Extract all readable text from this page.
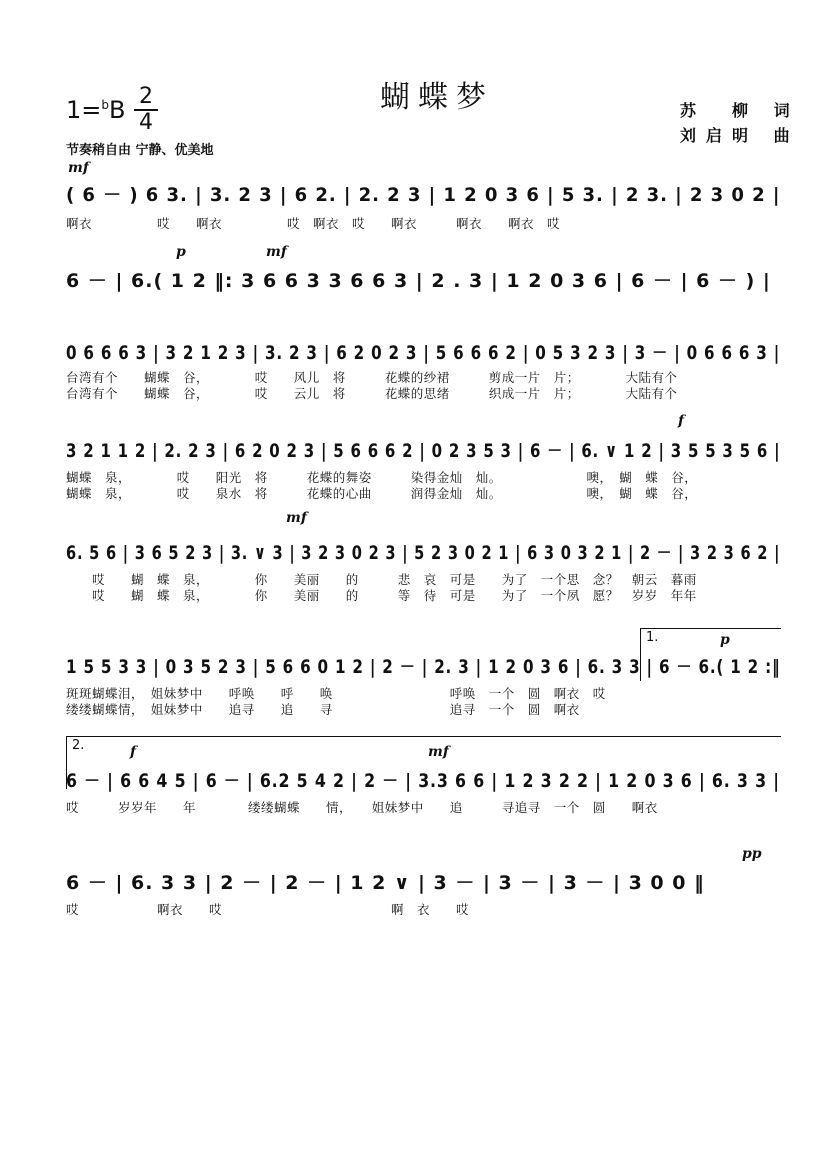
蝴蝶梦	苏　柳 词
刘启明 曲
1=$^b$B 2
4
节奏稍自由 宁静、优美地
mf
p	mf
f
mf
p
f	mf
pp
1.
2.
( 6 － ) 6 3. | 3. 2 3 | 6 2. | 2. 2 3 | 1 2 0 3 6 | 5 3. | 2 3. | 2 3 0 2 |
啊衣　　　　　哎　　啊衣　　　　　哎　啊衣　哎　　啊衣　　　啊衣　　啊衣　哎
6 － | 6.( 1 2 ‖: 3 6 6 3 3 6 6 3 | 2 . 3 | 1 2 0 3 6 | 6 － | 6 － ) |
0 6 6 6 3 | 3 2 1 2 3 | 3. 2 3 | 6 2 0 2 3 | 5 6 6 6 2 | 0 5 3 2 3 | 3 － | 0 6 6 6 3 |
台湾有个　　蝴蝶　谷，　　　　哎　　风儿　将　　　花蝶的纱裙　　　剪成一片　片；　　　　大陆有个
台湾有个　　蝴蝶　谷，　　　　哎　　云儿　将　　　花蝶的思绪　　　织成一片　片；　　　　大陆有个
3 2 1 1 2 | 2. 2 3 | 6 2 0 2 3 | 5 6 6 6 2 | 0 2 3 5 3 | 6 － | 6. ∨ 1 2 | 3 5 5 3 5 6 |
蝴蝶　泉，　　　　哎　　阳光　将　　　花蝶的舞姿　　　染得金灿　灿。　　　　　　　噢，　蝴　蝶　谷，
蝴蝶　泉，　　　　哎　　泉水　将　　　花蝶的心曲　　　润得金灿　灿。　　　　　　　噢，　蝴　蝶　谷，
6. 5 6 | 3 6 5 2 3 | 3. ∨ 3 | 3 2 3 0 2 3 | 5 2 3 0 2 1 | 6 3 0 3 2 1 | 2 － | 3 2 3 6 2 |
　　哎　　蝴　蝶　泉，　　　　你　　美丽　　的　　　悲　哀　可是　　为了　一个思　念？　朝云　暮雨
　　哎　　蝴　蝶　泉，　　　　你　　美丽　　的　　　等　待　可是　　为了　一个夙　愿？　岁岁　年年
1 5 5 3 3 | 0 3 5 2 3 | 5 6 6 0 1 2 | 2 － | 2. 3 | 1 2 0 3 6 | 6. 3 3 | 6 － 6.( 1 2 :‖
斑斑蝴蝶泪，　姐妹梦中　　呼唤　　呼　　唤　　　　　　　　　呼唤　一个　圆　啊衣　哎
缕缕蝴蝶情，　姐妹梦中　　追寻　　追　　寻　　　　　　　　　追寻　一个　圆　啊衣
6 － | 6 6 4 5 | 6 － | 6.2 5 4 2 | 2 － | 3.3 6 6 | 1 2 3 2 2 | 1 2 0 3 6 | 6. 3 3 |
哎　　　岁岁年　　年　　　　缕缕蝴蝶　　情，　　姐妹梦中　　追　　　寻追寻　一个　圆　　啊衣
6 － | 6. 3 3 | 2 － | 2 － | 1 2 ∨ | 3 － | 3 － | 3 － | 3 0 0 ‖
哎　　　　　　啊衣　　哎　　　　　　　　　　　　　啊　衣　　哎
